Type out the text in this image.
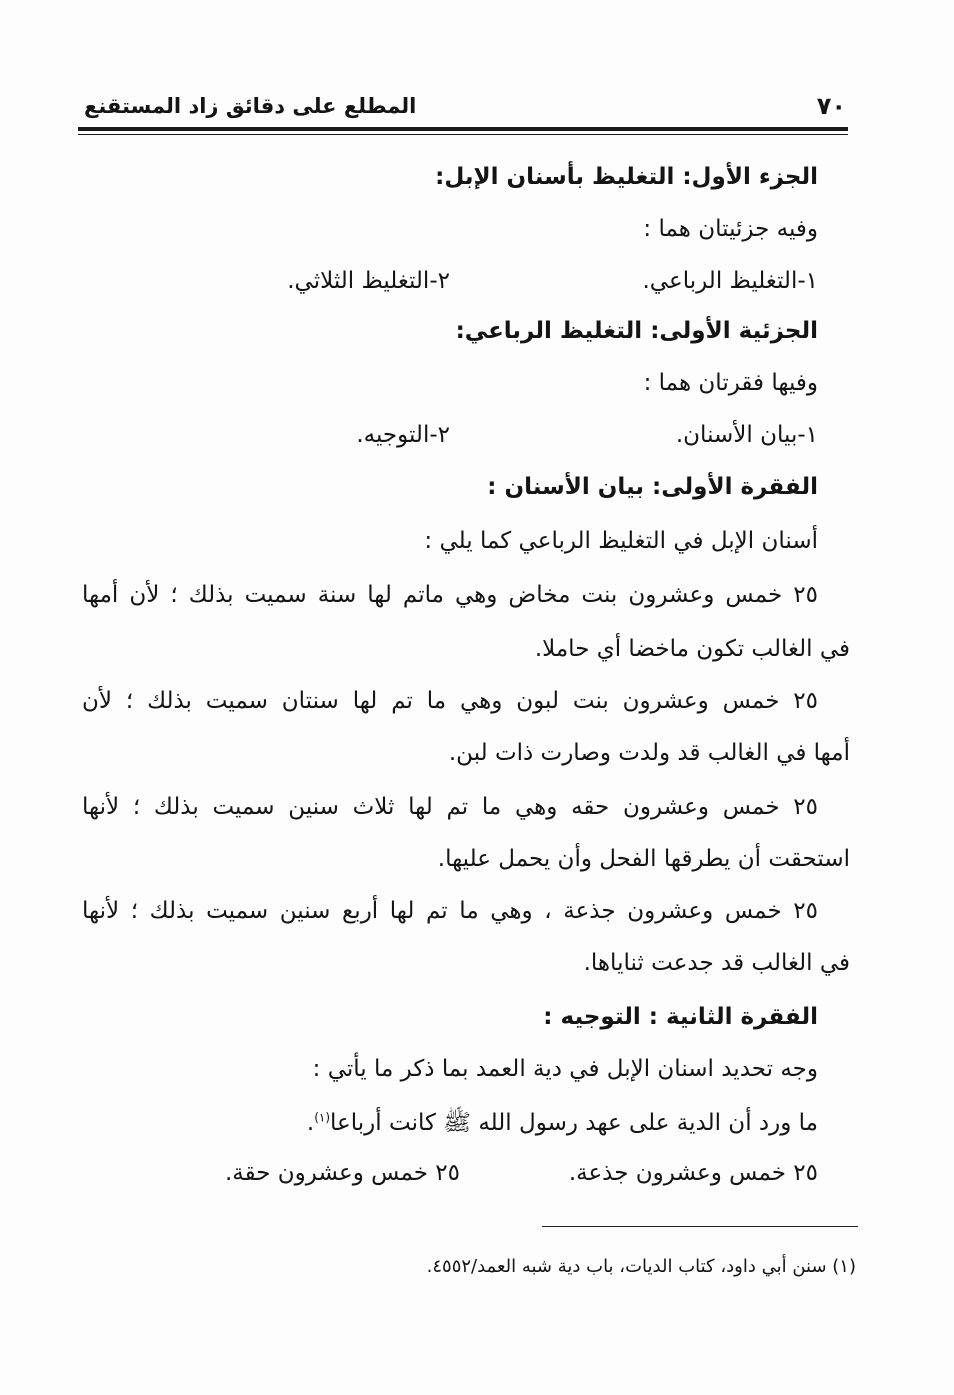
٧٠
المطلع على دقائق زاد المستقنع
الجزء الأول: التغليظ بأسنان الإبل:
وفيه جزئيتان هما :
١-التغليظ الرباعي.
٢-التغليظ الثلاثي.
الجزئية الأولى: التغليظ الرباعي:
وفيها فقرتان هما :
١-بيان الأسنان.
٢-التوجيه.
الفقرة الأولى: بيان الأسنان :
أسنان الإبل في التغليظ الرباعي كما يلي :
٢٥ خمس وعشرون بنت مخاض وهي ماتم لها سنة سميت بذلك ؛ لأن أمها
في الغالب تكون ماخضا أي حاملا.
٢٥ خمس وعشرون بنت لبون وهي ما تم لها سنتان سميت بذلك ؛ لأن
أمها في الغالب قد ولدت وصارت ذات لبن.
٢٥ خمس وعشرون حقه وهي ما تم لها ثلاث سنين سميت بذلك ؛ لأنها
استحقت أن يطرقها الفحل وأن يحمل عليها.
٢٥ خمس وعشرون جذعة ، وهي ما تم لها أربع سنين سميت بذلك ؛ لأنها
في الغالب قد جدعت ثناياها.
الفقرة الثانية : التوجيه :
وجه تحديد اسنان الإبل في دية العمد بما ذكر ما يأتي :
ما ورد أن الدية على عهد رسول الله ﷺ كانت أرباعا$^{(١)}$.
٢٥ خمس وعشرون جذعة.
٢٥ خمس وعشرون حقة.
(١) سنن أبي داود، كتاب الديات، باب دية شبه العمد/٤٥٥٢.
